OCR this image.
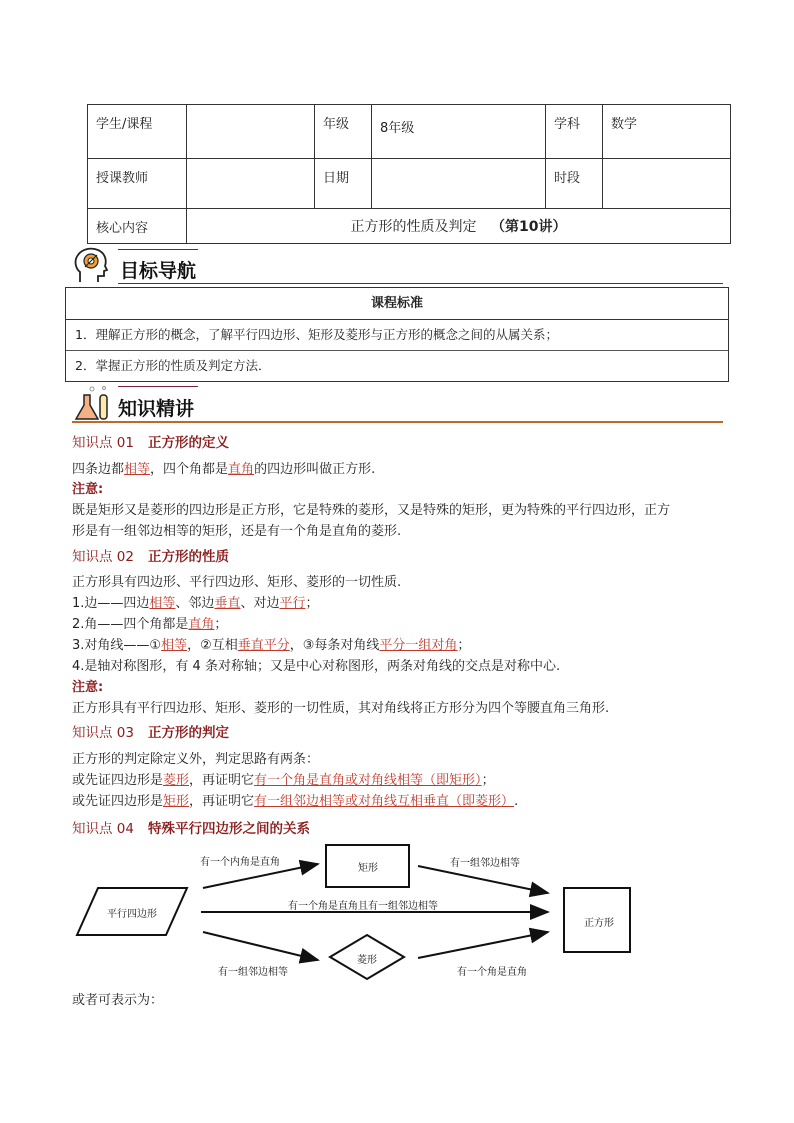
学生/课程		年级	8年级	学科	数学
授课教师		日期		时段	
核心内容	正方形的性质及判定 （第10讲）				
目标导航
课程标准
1．理解正方形的概念，了解平行四边形、矩形及菱形与正方形的概念之间的从属关系；
2．掌握正方形的性质及判定方法．
知识精讲
知识点 01 正方形的定义
四条边都相等，四个角都是直角的四边形叫做正方形.
注意:
既是矩形又是菱形的四边形是正方形，它是特殊的菱形，又是特殊的矩形，更为特殊的平行四边形，正方
形是有一组邻边相等的矩形，还是有一个角是直角的菱形.
知识点 02 正方形的性质
正方形具有四边形、平行四边形、矩形、菱形的一切性质.
1.边——四边相等、邻边垂直、对边平行；
2.角——四个角都是直角；
3.对角线——①相等，②互相垂直平分，③每条对角线平分一组对角；
4.是轴对称图形，有 4 条对称轴；又是中心对称图形，两条对角线的交点是对称中心.
注意:
正方形具有平行四边形、矩形、菱形的一切性质，其对角线将正方形分为四个等腰直角三角形.
知识点 03 正方形的判定
正方形的判定除定义外，判定思路有两条：
或先证四边形是菱形，再证明它有一个角是直角或对角线相等（即矩形）；
或先证四边形是矩形，再证明它有一组邻边相等或对角线互相垂直（即菱形）.
知识点 04 特殊平行四边形之间的关系
平行四边形
矩形
菱形
正方形
有一个内角是直角	有一组邻边相等
有一个角是直角且有一组邻边相等
有一组邻边相等	有一个角是直角
或者可表示为：
